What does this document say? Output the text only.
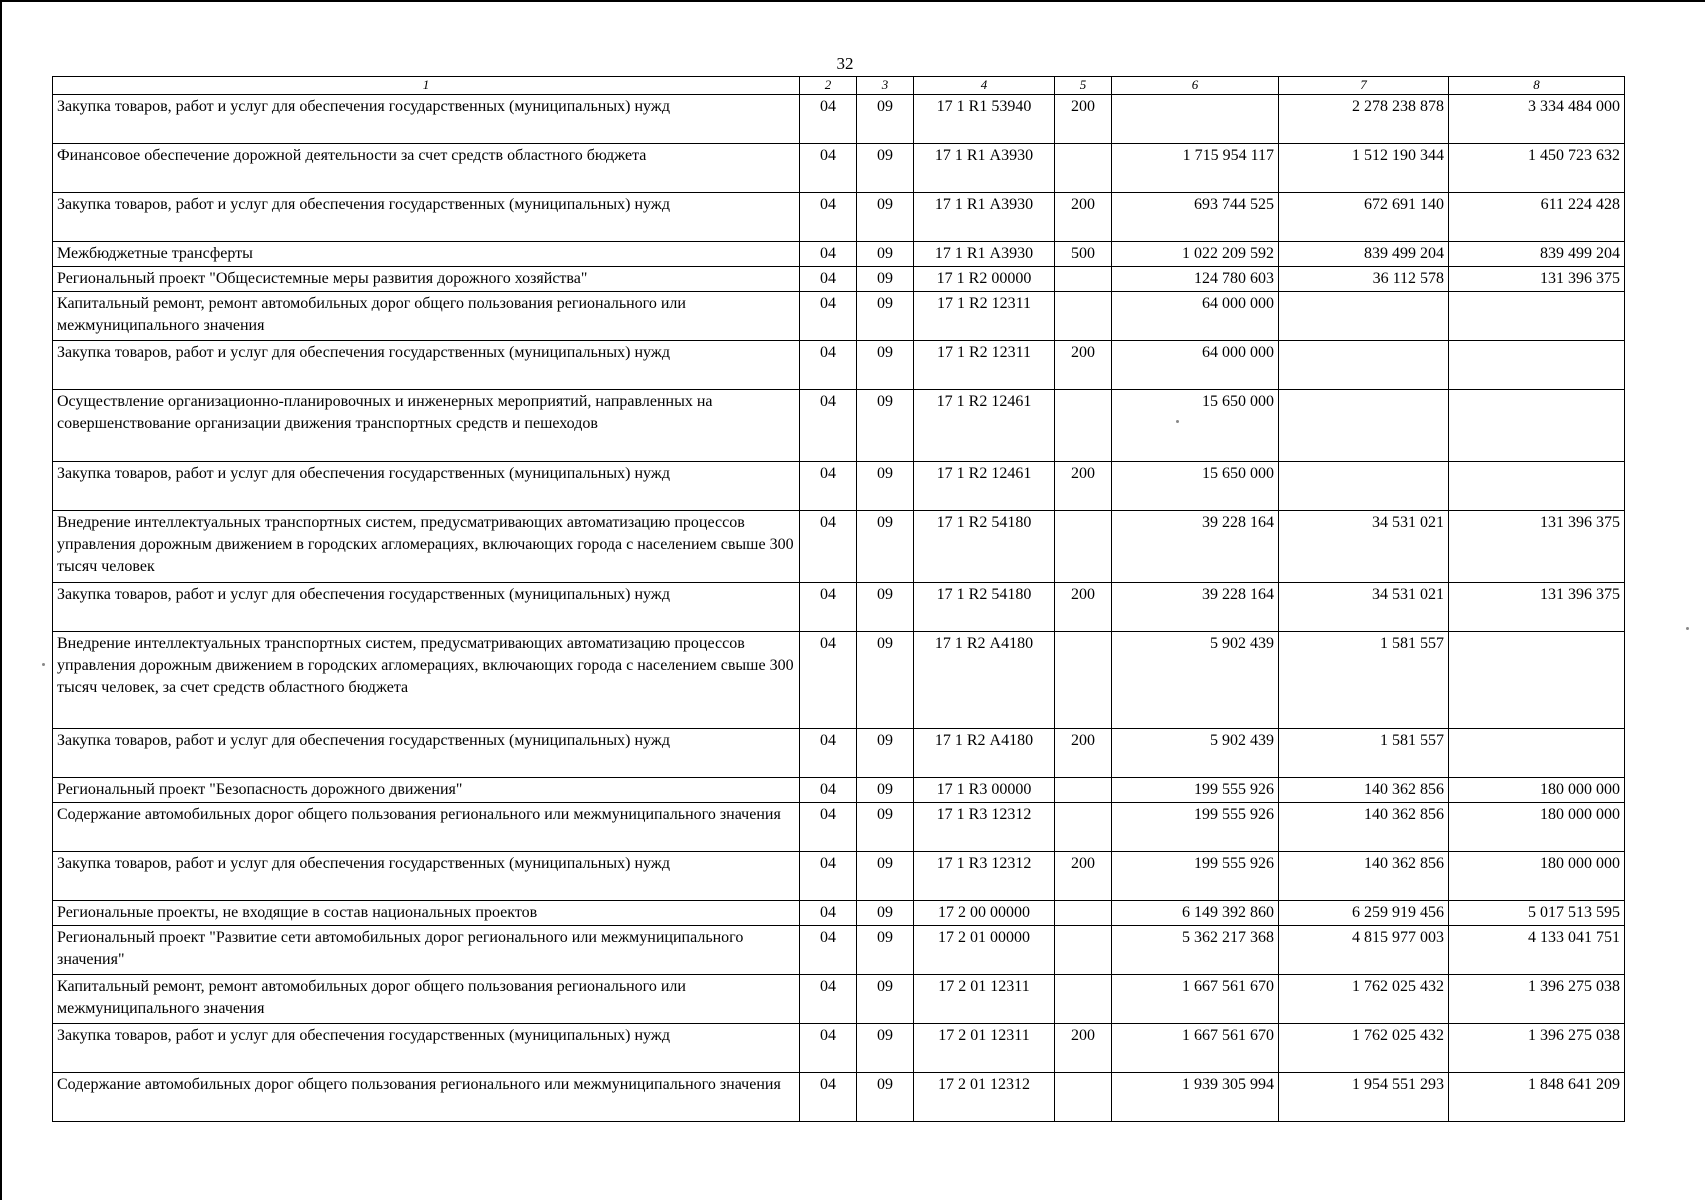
32
1	2	3	4	5	6	7	8
Закупка товаров, работ и услуг для обеспечения государственных (муниципальных) нужд	04	09	17 1 R1 53940	200		2 278 238 878	3 334 484 000
Финансовое обеспечение дорожной деятельности за счет средств областного бюджета	04	09	17 1 R1 А3930		1 715 954 117	1 512 190 344	1 450 723 632
Закупка товаров, работ и услуг для обеспечения государственных (муниципальных) нужд	04	09	17 1 R1 А3930	200	693 744 525	672 691 140	611 224 428
Межбюджетные трансферты	04	09	17 1 R1 А3930	500	1 022 209 592	839 499 204	839 499 204
Региональный проект "Общесистемные меры развития дорожного хозяйства"	04	09	17 1 R2 00000		124 780 603	36 112 578	131 396 375
Капитальный ремонт, ремонт автомобильных дорог общего пользования регионального или межмуниципального значения	04	09	17 1 R2 12311		64 000 000		
Закупка товаров, работ и услуг для обеспечения государственных (муниципальных) нужд	04	09	17 1 R2 12311	200	64 000 000		
Осуществление организационно-планировочных и инженерных мероприятий, направленных на совершенствование организации движения транспортных средств и пешеходов	04	09	17 1 R2 12461		15 650 000		
Закупка товаров, работ и услуг для обеспечения государственных (муниципальных) нужд	04	09	17 1 R2 12461	200	15 650 000		
Внедрение интеллектуальных транспортных систем, предусматривающих автоматизацию процессов управления дорожным движением в городских агломерациях, включающих города с населением свыше 300 тысяч человек	04	09	17 1 R2 54180		39 228 164	34 531 021	131 396 375
Закупка товаров, работ и услуг для обеспечения государственных (муниципальных) нужд	04	09	17 1 R2 54180	200	39 228 164	34 531 021	131 396 375
Внедрение интеллектуальных транспортных систем, предусматривающих автоматизацию процессов управления дорожным движением в городских агломерациях, включающих города с населением свыше 300 тысяч человек, за счет средств областного бюджета	04	09	17 1 R2 А4180		5 902 439	1 581 557	
Закупка товаров, работ и услуг для обеспечения государственных (муниципальных) нужд	04	09	17 1 R2 А4180	200	5 902 439	1 581 557	
Региональный проект "Безопасность дорожного движения"	04	09	17 1 R3 00000		199 555 926	140 362 856	180 000 000
Содержание автомобильных дорог общего пользования регионального или межмуниципального значения	04	09	17 1 R3 12312		199 555 926	140 362 856	180 000 000
Закупка товаров, работ и услуг для обеспечения государственных (муниципальных) нужд	04	09	17 1 R3 12312	200	199 555 926	140 362 856	180 000 000
Региональные проекты, не входящие в состав национальных проектов	04	09	17 2 00 00000		6 149 392 860	6 259 919 456	5 017 513 595
Региональный проект "Развитие сети автомобильных дорог регионального или межмуниципального значения"	04	09	17 2 01 00000		5 362 217 368	4 815 977 003	4 133 041 751
Капитальный ремонт, ремонт автомобильных дорог общего пользования регионального или межмуниципального значения	04	09	17 2 01 12311		1 667 561 670	1 762 025 432	1 396 275 038
Закупка товаров, работ и услуг для обеспечения государственных (муниципальных) нужд	04	09	17 2 01 12311	200	1 667 561 670	1 762 025 432	1 396 275 038
Содержание автомобильных дорог общего пользования регионального или межмуниципального значения	04	09	17 2 01 12312		1 939 305 994	1 954 551 293	1 848 641 209
